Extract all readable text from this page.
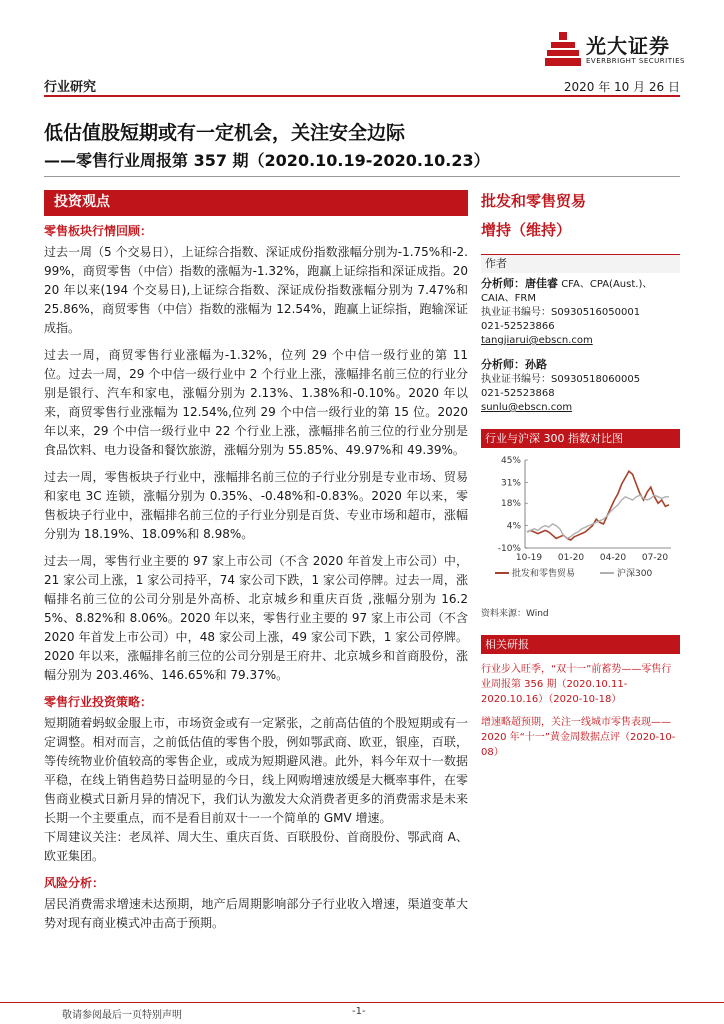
光大证券
EVERBRIGHT SECURITIES
行业研究	2020 年 10 月 26 日
低估值股短期或有一定机会，关注安全边际
——零售行业周报第 357 期（2020.10.19-2020.10.23）
投资观点
零售板块行情回顾：

过去一周（5 个交易日），上证综合指数、深证成份指数涨幅分别为-1.75%和-2.99%，商贸零售（中信）指数的涨幅为-1.32%，跑赢上证综指和深证成指。2020 年以来(194 个交易日),上证综合指数、深证成份指数涨幅分别为 7.47%和 25.86%，商贸零售（中信）指数的涨幅为 12.54%，跑赢上证综指，跑输深证成指。

过去一周，商贸零售行业涨幅为-1.32%，位列 29 个中信一级行业的第 11 位。过去一周，29 个中信一级行业中 2 个行业上涨，涨幅排名前三位的行业分别是银行、汽车和家电，涨幅分别为 2.13%、1.38%和-0.10%。2020 年以来，商贸零售行业涨幅为 12.54%,位列 29 个中信一级行业的第 15 位。2020 年以来，29 个中信一级行业中 22 个行业上涨，涨幅排名前三位的行业分别是食品饮料、电力设备和餐饮旅游，涨幅分别为 55.85%、49.97%和 49.39%。

过去一周，零售板块子行业中，涨幅排名前三位的子行业分别是专业市场、贸易和家电 3C 连锁，涨幅分别为 0.35%、-0.48%和-0.83%。2020 年以来，零售板块子行业中，涨幅排名前三位的子行业分别是百货、专业市场和超市，涨幅分别为 18.19%、18.09%和 8.98%。

过去一周，零售行业主要的 97 家上市公司（不含 2020 年首发上市公司）中，21 家公司上涨，1 家公司持平，74 家公司下跌，1 家公司停牌。过去一周，涨幅排名前三位的公司分别是外高桥、北京城乡和重庆百货 ,涨幅分别为 16.25%、8.82%和 8.06%。2020 年以来，零售行业主要的 97 家上市公司（不含 2020 年首发上市公司）中，48 家公司上涨，49 家公司下跌，1 家公司停牌。2020 年以来，涨幅排名前三位的公司分别是王府井、北京城乡和首商股份，涨幅分别为 203.46%、146.65%和 79.37%。

零售行业投资策略：

短期随着蚂蚁金服上市，市场资金或有一定紧张，之前高估值的个股短期或有一定调整。相对而言，之前低估值的零售个股，例如鄂武商、欧亚，银座，百联，等传统物业价值较高的零售企业，或成为短期避风港。此外，料今年双十一数据平稳，在线上销售趋势日益明显的今日，线上网购增速放缓是大概率事件，在零售商业模式日新月异的情况下，我们认为激发大众消费者更多的消费需求是未来长期一个主要重点，而不是看目前双十一一个简单的 GMV 增速。

下周建议关注：老凤祥、周大生、重庆百货、百联股份、首商股份、鄂武商 A、欧亚集团。

风险分析：

居民消费需求增速未达预期，地产后周期影响部分子行业收入增速，渠道变革大势对现有商业模式冲击高于预期。

批发和零售贸易
增持（维持）
作者
分析师：唐佳睿 CFA、CPA(Aust.)、CAIA、FRM
执业证书编号：S0930516050001
021-52523866
tangjiarui@ebscn.com
分析师：孙路
执业证书编号：S0930518060005
021-52523868
sunlu@ebscn.com
行业与沪深 300 指数对比图
45%
31%
18%
4%
-10%
10-19 01-20 04-20 07-20
批发和零售贸易	沪深300
资料来源：Wind
相关研报
行业步入旺季，“双十一”前蓄势——零售行业周报第 356 期（2020.10.11-2020.10.16）（2020-10-18）
增速略超预期，关注一线城市零售表现——2020 年“十一”黄金周数据点评（2020-10-08）
敬请参阅最后一页特别声明	-1-
